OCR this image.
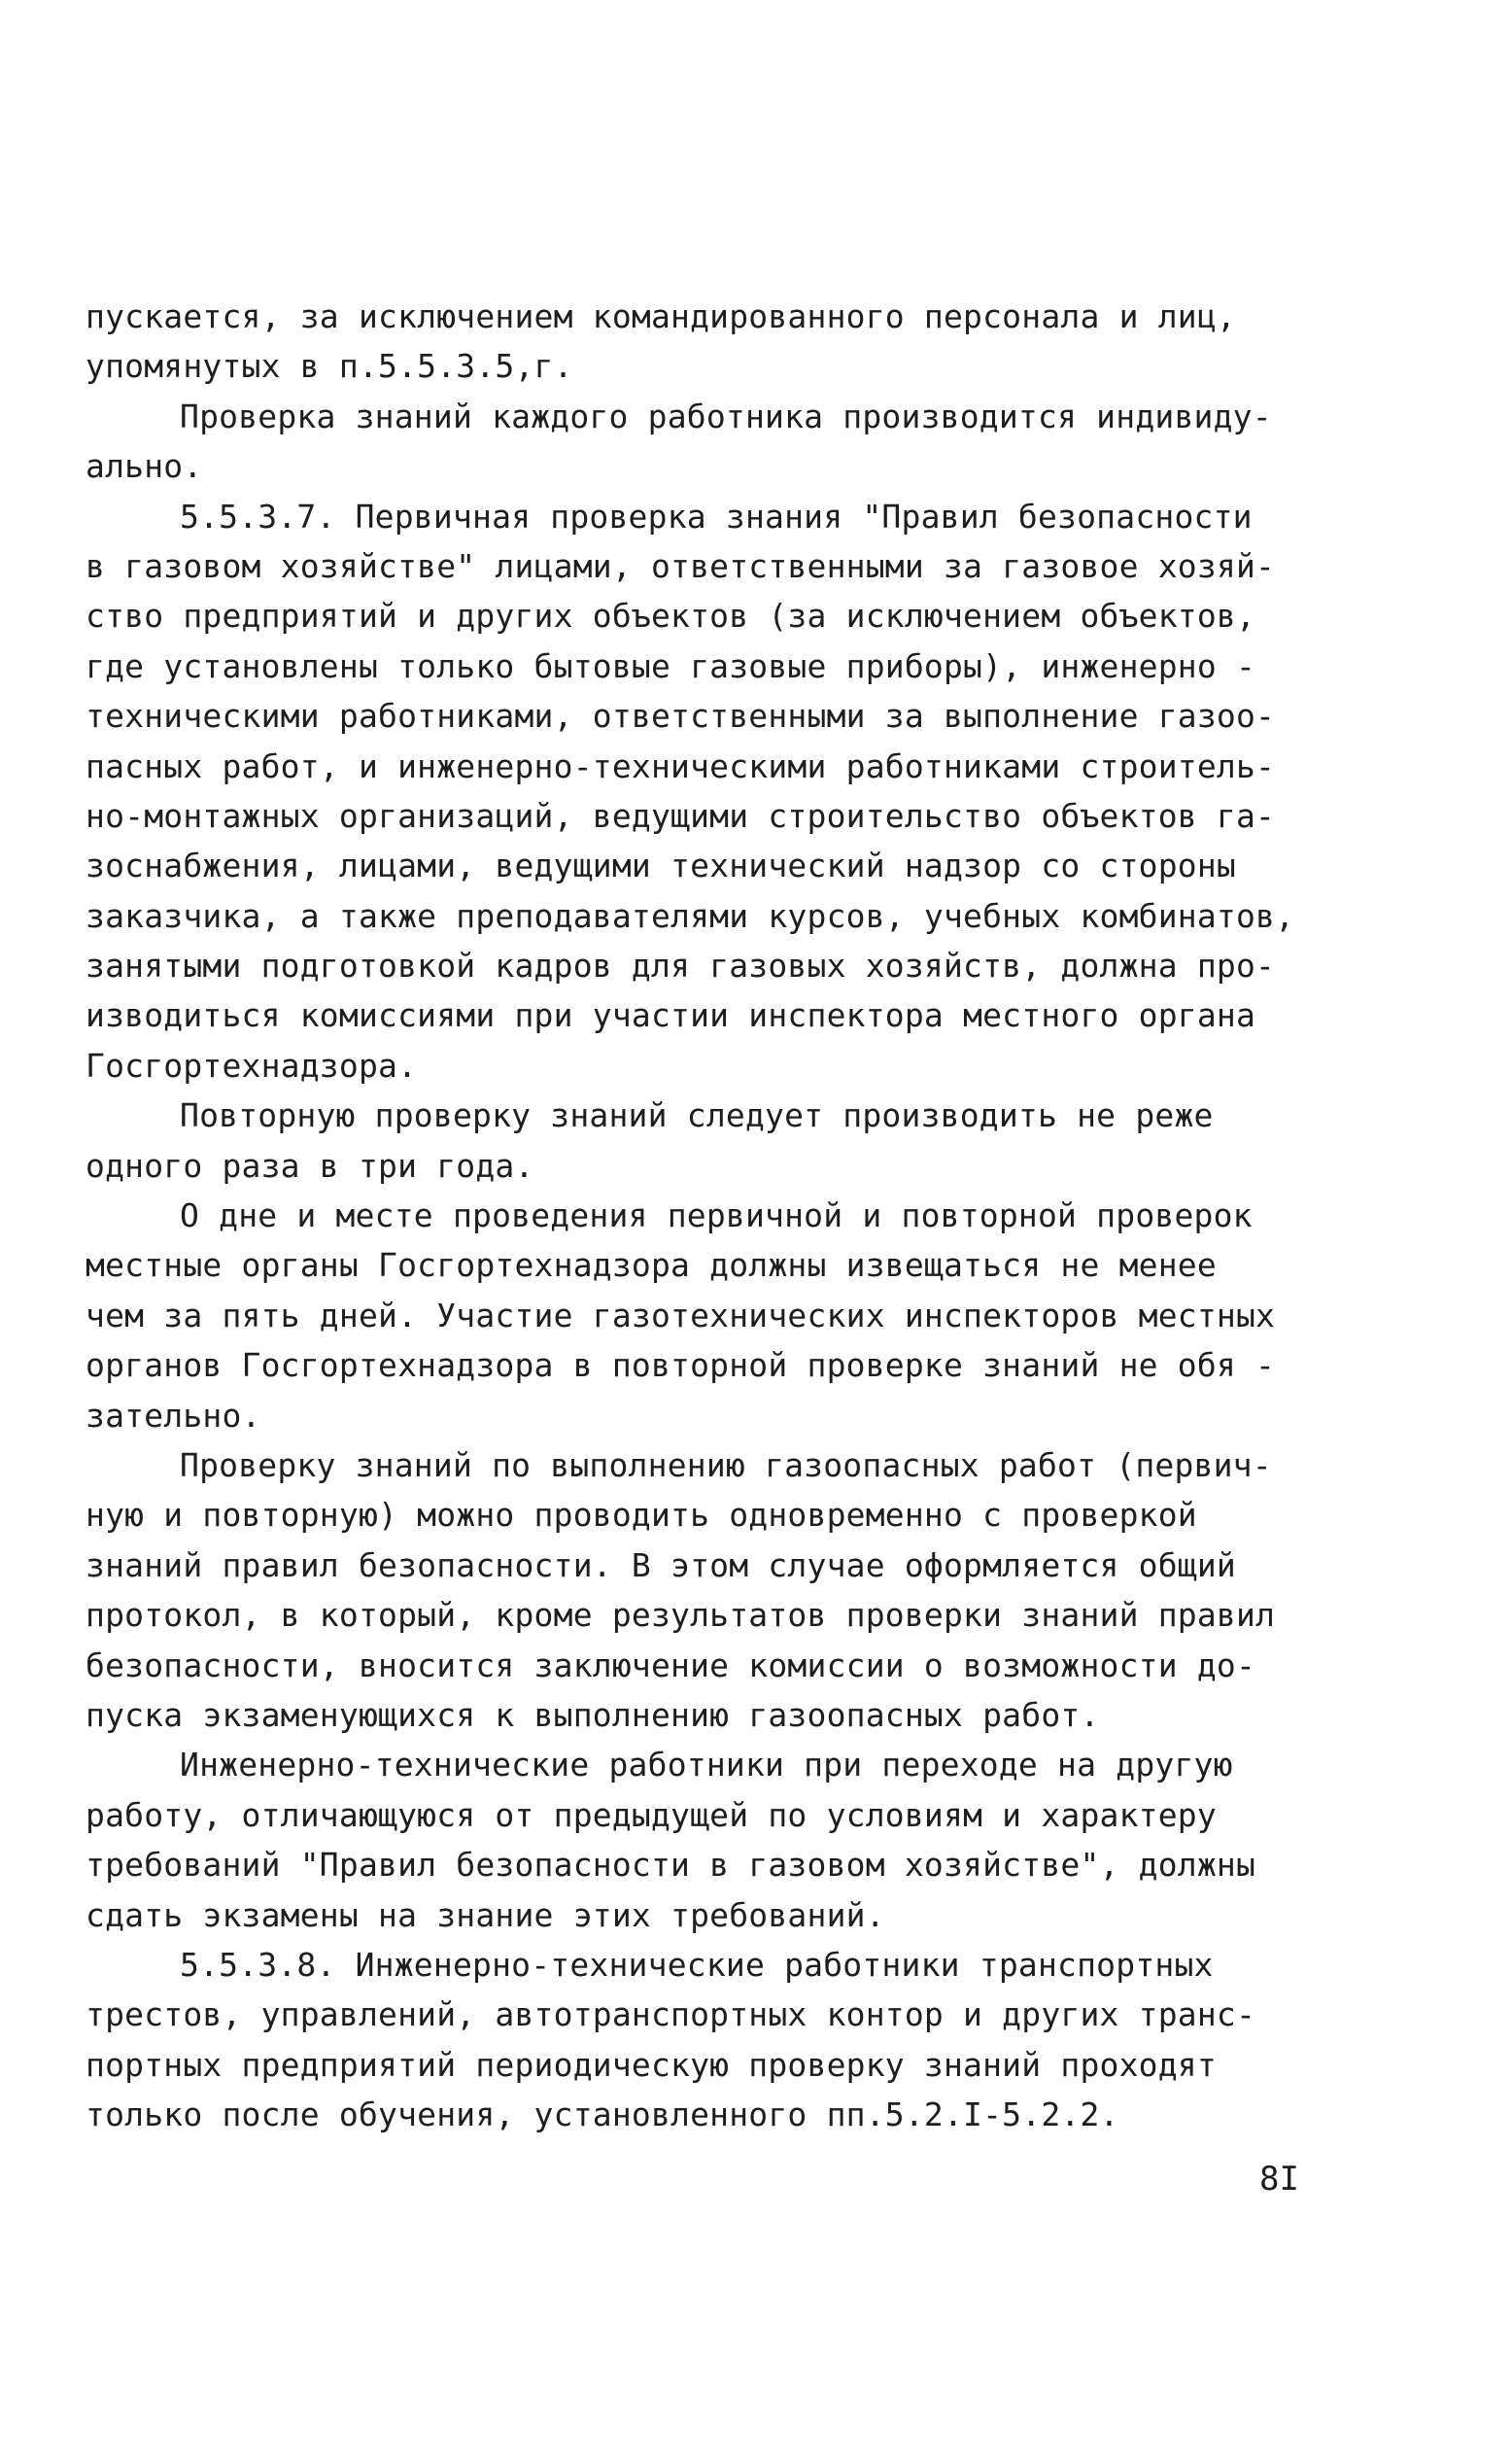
пускается, за исключением командированного персонала и лиц,
упомянутых в п.5.5.3.5,г.
Проверка знаний каждого работника производится индивиду-
ально.
5.5.3.7. Первичная проверка знания "Правил безопасности
в газовом хозяйстве" лицами, ответственными за газовое хозяй-
ство предприятий и других объектов (за исключением объектов,
где установлены только бытовые газовые приборы), инженерно -
техническими работниками, ответственными за выполнение газоо-
пасных работ, и инженерно-техническими работниками строитель-
но-монтажных организаций, ведущими строительство объектов га-
зоснабжения, лицами, ведущими технический надзор со стороны
заказчика, а также преподавателями курсов, учебных комбинатов,
занятыми подготовкой кадров для газовых хозяйств, должна про-
изводиться комиссиями при участии инспектора местного органа
Госгортехнадзора.
Повторную проверку знаний следует производить не реже
одного раза в три года.
О дне и месте проведения первичной и повторной проверок
местные органы Госгортехнадзора должны извещаться не менее
чем за пять дней. Участие газотехнических инспекторов местных
органов Госгортехнадзора в повторной проверке знаний не обя -
зательно.
Проверку знаний по выполнению газоопасных работ (первич-
ную и повторную) можно проводить одновременно с проверкой
знаний правил безопасности. В этом случае оформляется общий
протокол, в который, кроме результатов проверки знаний правил
безопасности, вносится заключение комиссии о возможности до-
пуска экзаменующихся к выполнению газоопасных работ.
Инженерно-технические работники при переходе на другую
работу, отличающуюся от предыдущей по условиям и характеру
требований "Правил безопасности в газовом хозяйстве", должны
сдать экзамены на знание этих требований.
5.5.3.8. Инженерно-технические работники транспортных
трестов, управлений, автотранспортных контор и других транс-
портных предприятий периодическую проверку знаний проходят
только после обучения, установленного пп.5.2.I-5.2.2.
8I
